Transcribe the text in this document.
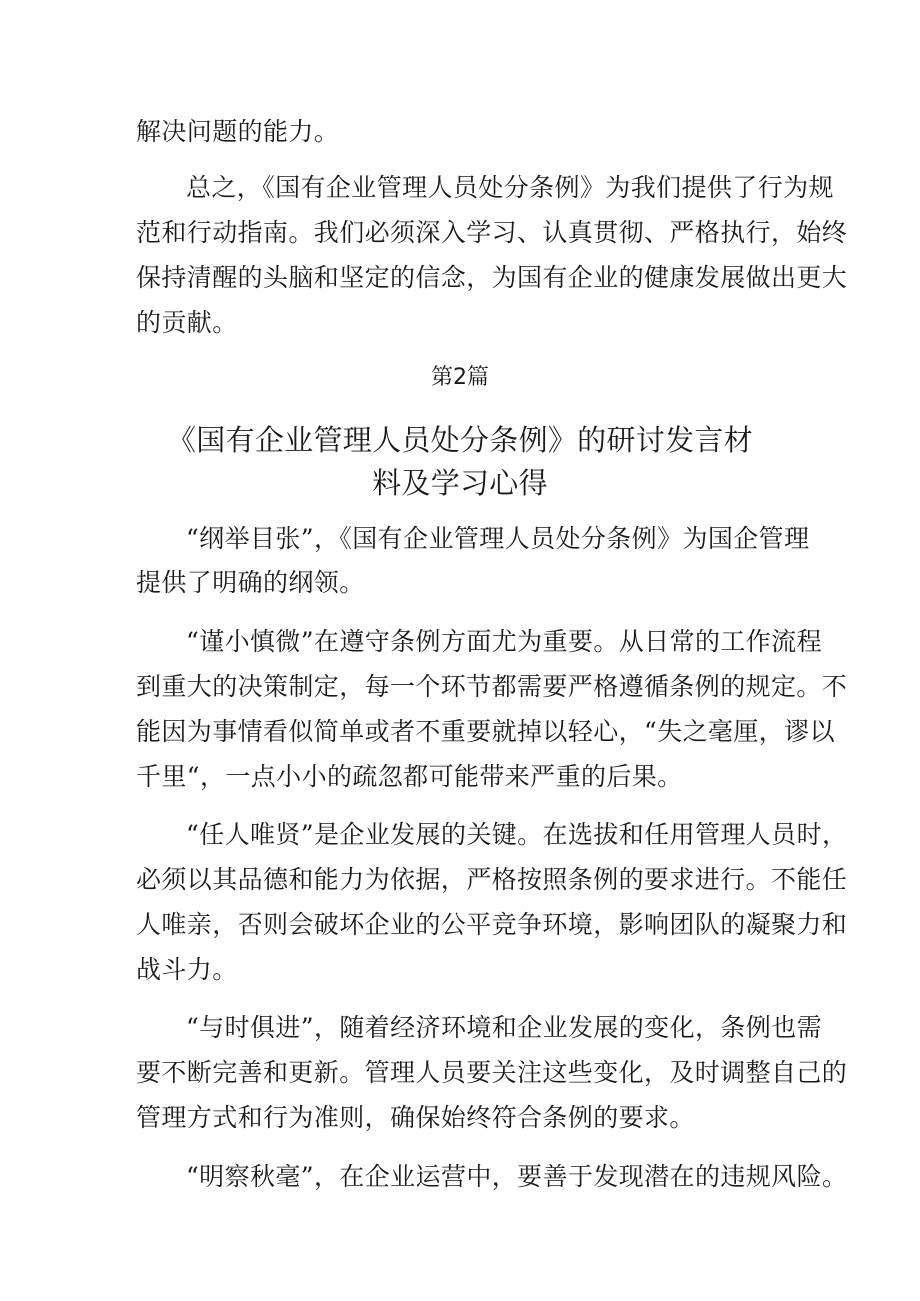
解决问题的能力。
总之，《国有企业管理人员处分条例》为我们提供了行为规
范和行动指南。我们必须深入学习、认真贯彻、严格执行，始终
保持清醒的头脑和坚定的信念，为国有企业的健康发展做出更大
的贡献。
第2篇
《国有企业管理人员处分条例》的研讨发言材
料及学习心得
“纲举目张”，《国有企业管理人员处分条例》为国企管理
提供了明确的纲领。
“谨小慎微”在遵守条例方面尤为重要。从日常的工作流程
到重大的决策制定，每一个环节都需要严格遵循条例的规定。不
能因为事情看似简单或者不重要就掉以轻心，“失之毫厘，谬以
千里“，一点小小的疏忽都可能带来严重的后果。
“任人唯贤”是企业发展的关键。在选拔和任用管理人员时，
必须以其品德和能力为依据，严格按照条例的要求进行。不能任
人唯亲，否则会破坏企业的公平竞争环境，影响团队的凝聚力和
战斗力。
“与时俱进”，随着经济环境和企业发展的变化，条例也需
要不断完善和更新。管理人员要关注这些变化，及时调整自己的
管理方式和行为准则，确保始终符合条例的要求。
“明察秋毫”，在企业运营中，要善于发现潜在的违规风险。
